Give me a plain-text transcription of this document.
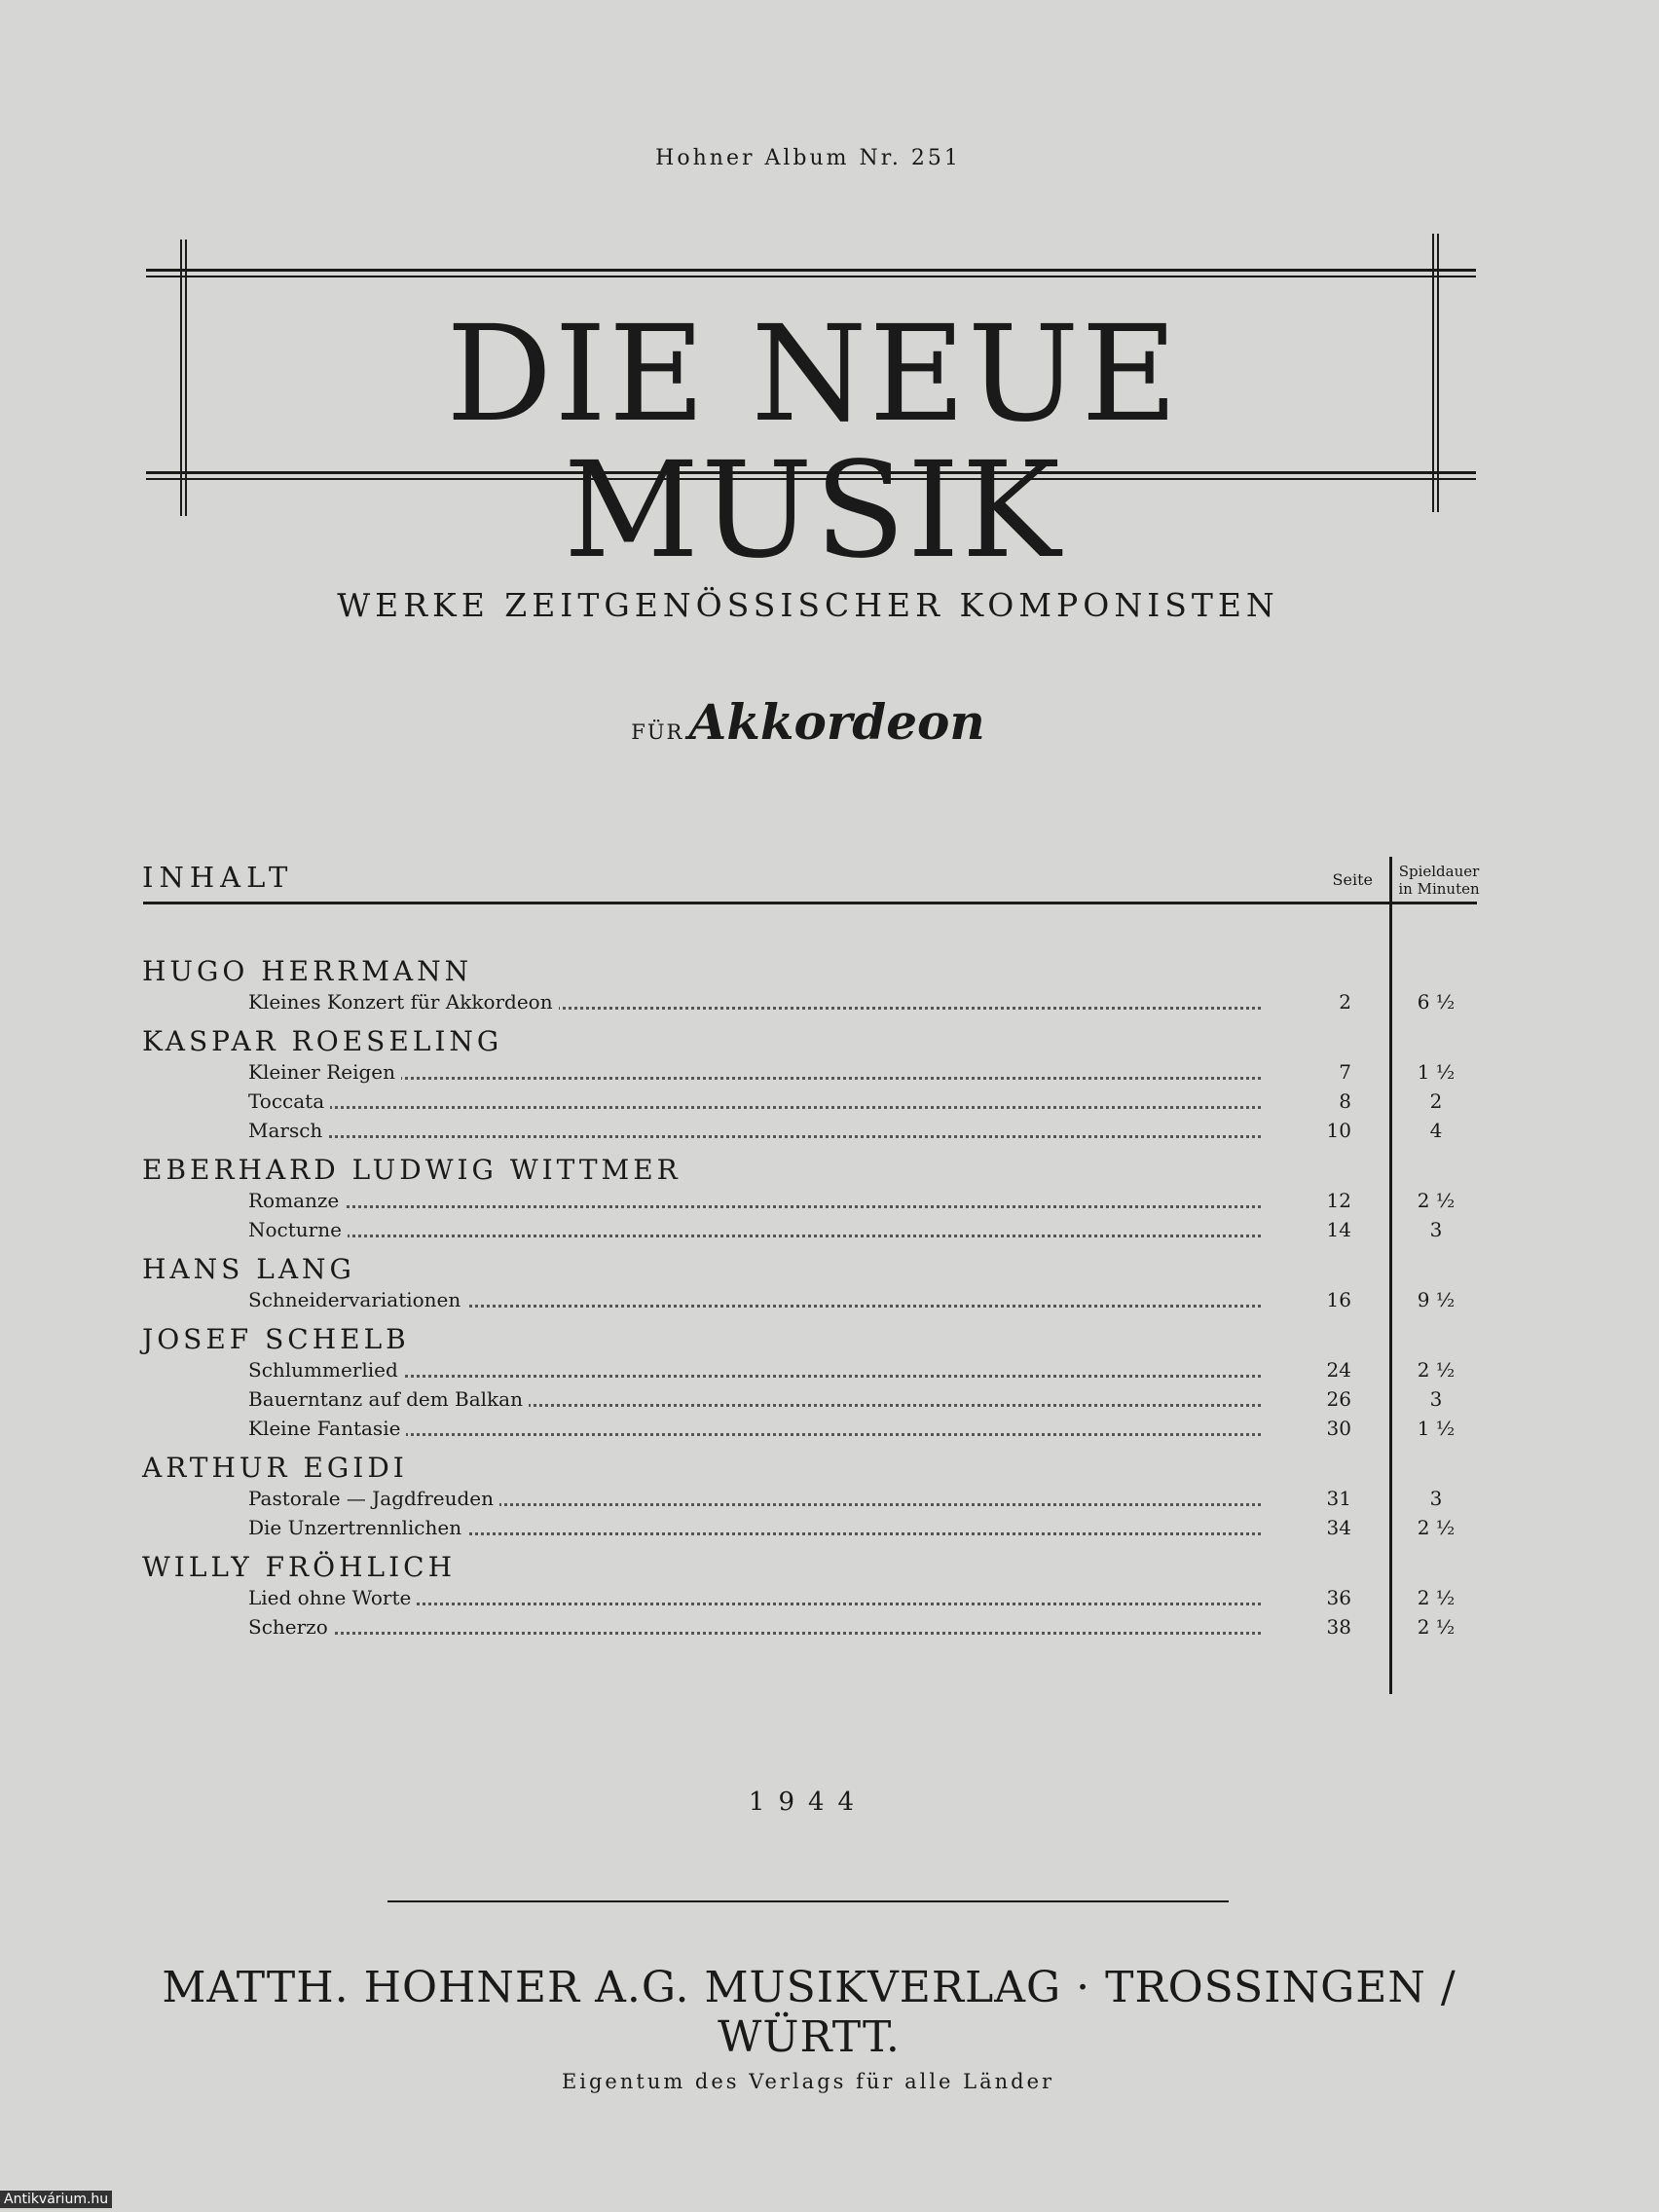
Hohner Album Nr. 251
DIE NEUE MUSIK
WERKE ZEITGENÖSSISCHER KOMPONISTEN
FÜR Akkordeon
INHALT	Seite	Spieldauer
in Minuten
HUGO HERRMANN
Kleines Konzert für Akkordeon	2	6 ½
KASPAR ROESELING
Kleiner Reigen	7	1 ½
Toccata	8	2
Marsch	10	4
EBERHARD LUDWIG WITTMER
Romanze	12	2 ½
Nocturne	14	3
HANS LANG
Schneidervariationen	16	9 ½
JOSEF SCHELB
Schlummerlied	24	2 ½
Bauerntanz auf dem Balkan	26	3
Kleine Fantasie	30	1 ½
ARTHUR EGIDI
Pastorale — Jagdfreuden	31	3
Die Unzertrennlichen	34	2 ½
WILLY FRÖHLICH
Lied ohne Worte	36	2 ½
Scherzo	38	2 ½
1944
MATTH. HOHNER A.G. MUSIKVERLAG · TROSSINGEN / WÜRTT.
Eigentum des Verlags für alle Länder
Antikvárium.hu
